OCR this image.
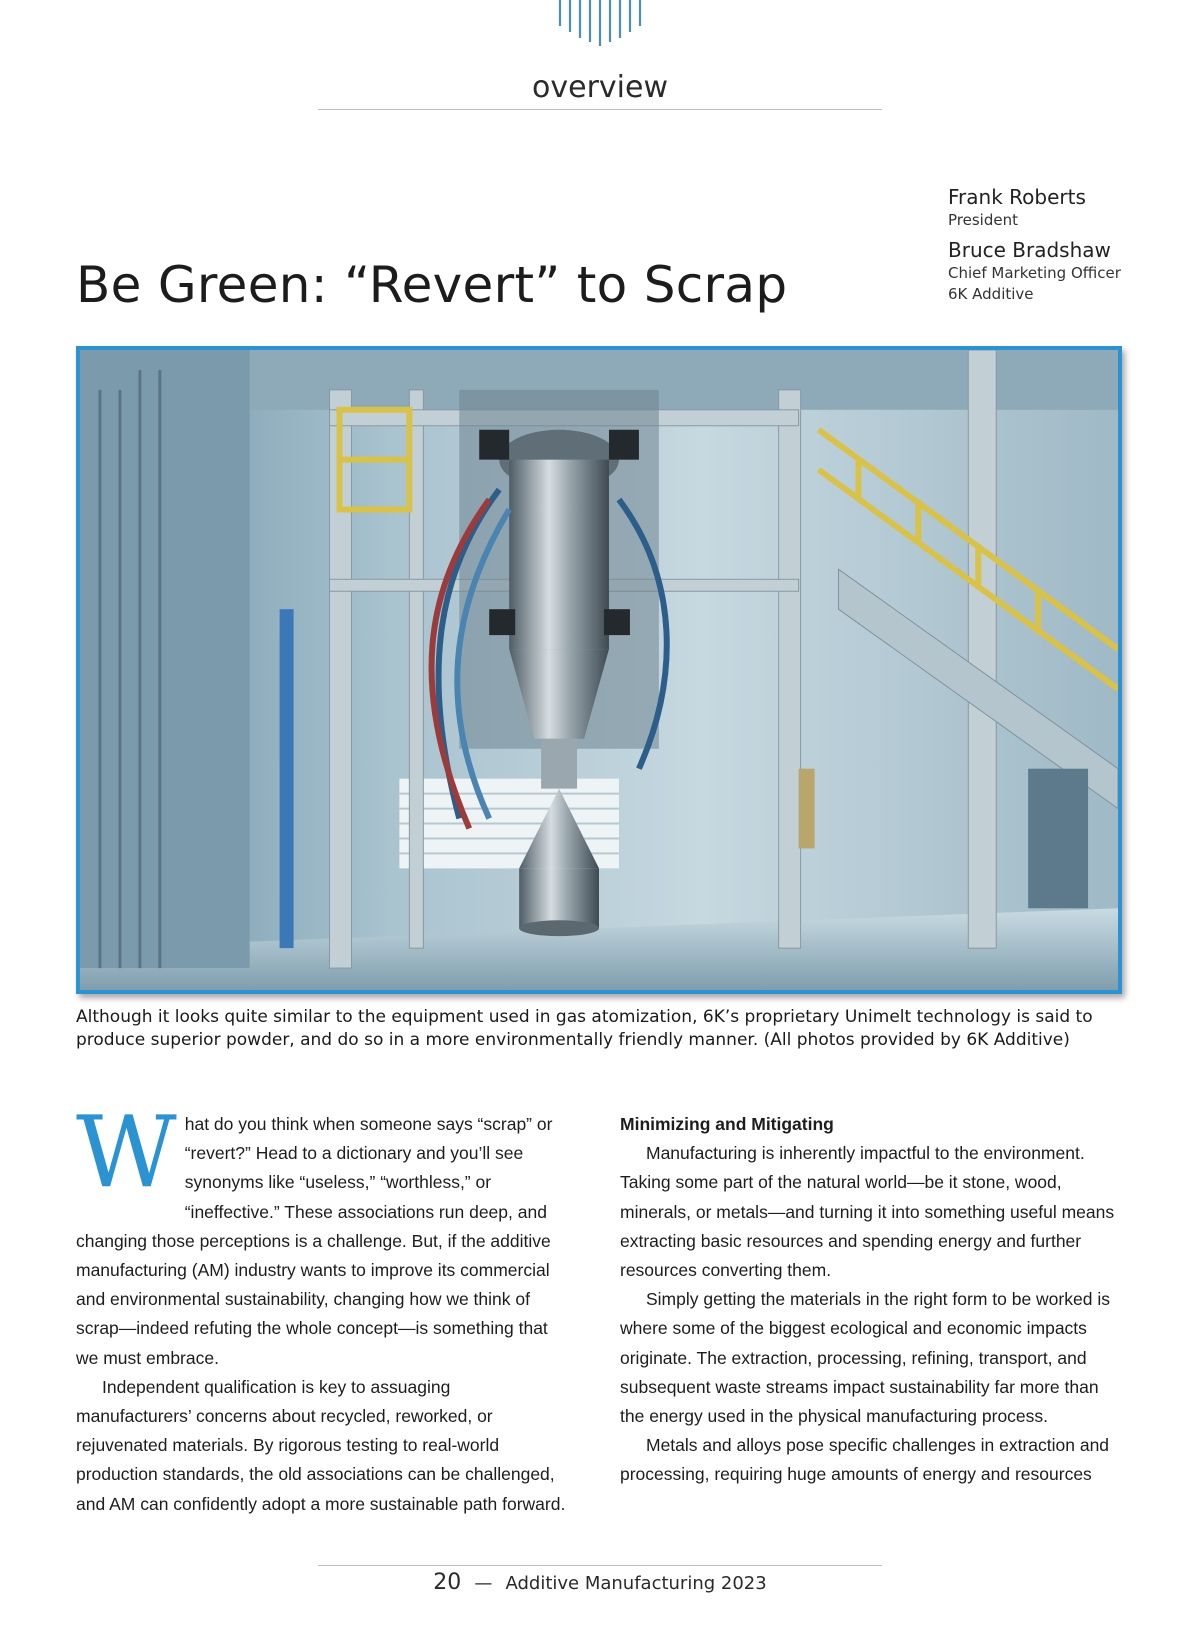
overview
Frank Roberts
President
Bruce Bradshaw
Chief Marketing Officer
6K Additive
Be Green: “Revert” to Scrap

Although it looks quite similar to the equipment used in gas atomization, 6K’s proprietary Unimelt technology is said to produce superior powder, and do so in a more environmentally friendly manner. (All photos provided by 6K Additive)

What do you think when someone says “scrap” or “revert?” Head to a dictionary and you’ll see synonyms like “useless,” “worthless,” or “ineffective.” These associations run deep, and changing those perceptions is a challenge. But, if the additive manufacturing (AM) industry wants to improve its commercial and environmental sustainability, changing how we think of scrap—indeed refuting the whole concept—is something that we must embrace.

Independent qualification is key to assuaging manufacturers’ concerns about recycled, reworked, or rejuvenated materials. By rigorous testing to real-world production standards, the old associations can be challenged, and AM can confidently adopt a more sustainable path forward.

Minimizing and Mitigating

Manufacturing is inherently impactful to the environment. Taking some part of the natural world—be it stone, wood, minerals, or metals—and turning it into something useful means extracting basic resources and spending energy and further resources converting them.

Simply getting the materials in the right form to be worked is where some of the biggest ecological and economic impacts originate. The extraction, processing, refining, transport, and subsequent waste streams impact sustainability far more than the energy used in the physical manufacturing process.

Metals and alloys pose specific challenges in extraction and processing, requiring huge amounts of energy and resources

20 — Additive Manufacturing 2023
